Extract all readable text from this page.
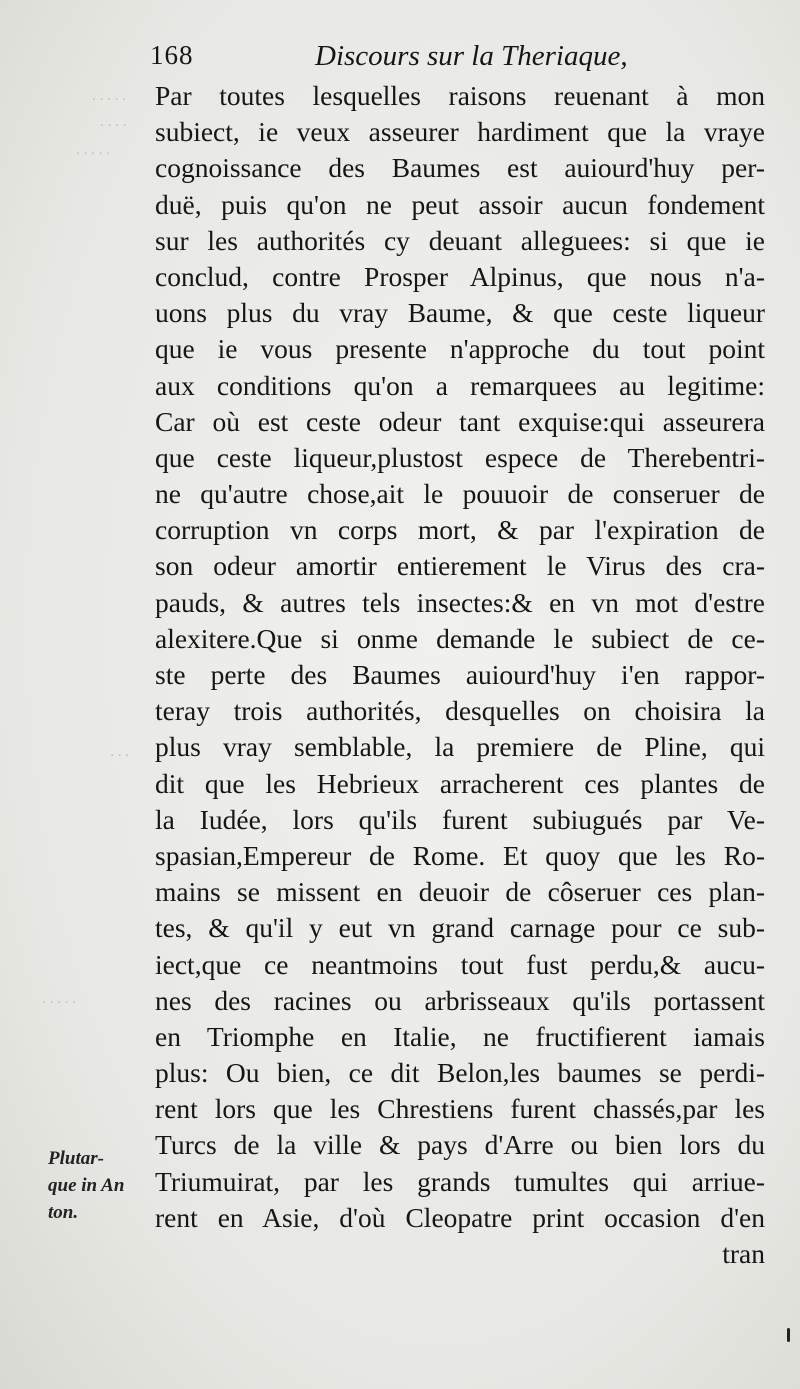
· · · · ·
· · · ·
· · · · ·
· · ·
· · · · ·
168	Discours sur la Theriaque,
Par toutes lesquelles raisons reuenant à mon
subiect, ie veux asseurer hardiment que la vraye
cognoissance des Baumes est auiourd'huy per-
duë, puis qu'on ne peut assoir aucun fondement
sur les authorités cy deuant alleguees: si que ie
conclud, contre Prosper Alpinus, que nous n'a-
uons plus du vray Baume, & que ceste liqueur
que ie vous presente n'approche du tout point
aux conditions qu'on a remarquees au legitime:
Car où est ceste odeur tant exquise:qui asseurera
que ceste liqueur,plustost espece de Therebentri-
ne qu'autre chose,ait le pouuoir de conseruer de
corruption vn corps mort, & par l'expiration de
son odeur amortir entierement le Virus des cra-
pauds, & autres tels insectes:& en vn mot d'estre
alexitere.Que si onme demande le subiect de ce-
ste perte des Baumes auiourd'huy i'en rappor-
teray trois authorités, desquelles on choisira la
plus vray semblable, la premiere de Pline, qui
dit que les Hebrieux arracherent ces plantes de
la Iudée, lors qu'ils furent subiugués par Ve-
spasian,Empereur de Rome. Et quoy que les Ro-
mains se missent en deuoir de côseruer ces plan-
tes, & qu'il y eut vn grand carnage pour ce sub-
iect,que ce neantmoins tout fust perdu,& aucu-
nes des racines ou arbrisseaux qu'ils portassent
en Triomphe en Italie, ne fructifierent iamais
plus: Ou bien, ce dit Belon,les baumes se perdi-
rent lors que les Chrestiens furent chassés,par les
Turcs de la ville & pays d'Arre ou bien lors du
Triumuirat, par les grands tumultes qui arriue-
rent en Asie, d'où Cleopatre print occasion d'en
tran
Plutar-
que in An
ton.
